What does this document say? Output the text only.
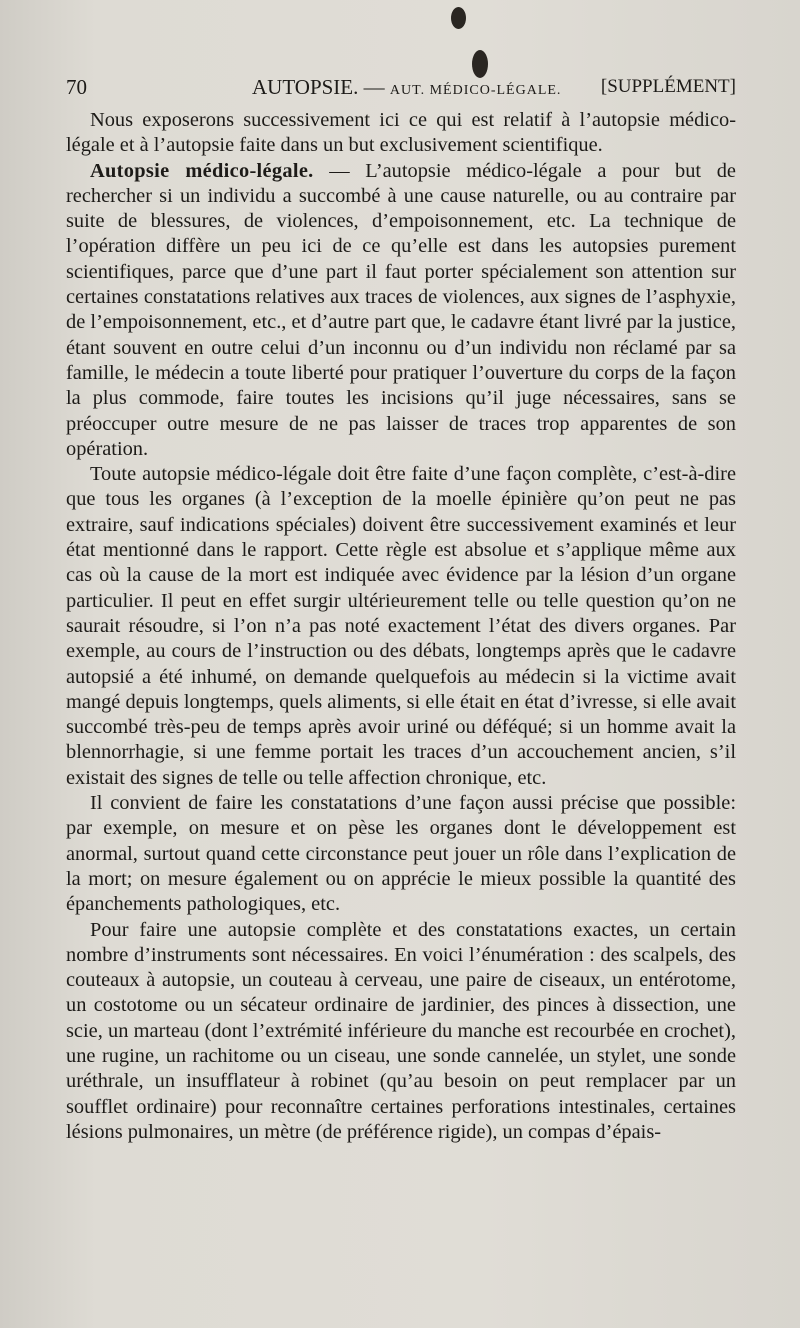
70	AUTOPSIE. — AUT. MÉDICO-LÉGALE. [SUPPLÉMENT]

Nous exposerons successivement ici ce qui est relatif à l’autopsie médico-légale et à l’autopsie faite dans un but exclusivement scientifique.

Autopsie médico-légale. — L’autopsie médico-légale a pour but de rechercher si un individu a succombé à une cause naturelle, ou au contraire par suite de blessures, de violences, d’empoisonnement, etc. La technique de l’opération diffère un peu ici de ce qu’elle est dans les autopsies purement scientifiques, parce que d’une part il faut porter spécialement son attention sur certaines constatations relatives aux traces de violences, aux signes de l’asphyxie, de l’empoisonnement, etc., et d’autre part que, le cadavre étant livré par la justice, étant souvent en outre celui d’un inconnu ou d’un individu non réclamé par sa famille, le médecin a toute liberté pour pratiquer l’ouverture du corps de la façon la plus commode, faire toutes les incisions qu’il juge nécessaires, sans se préoccuper outre mesure de ne pas laisser de traces trop apparentes de son opération.

Toute autopsie médico-légale doit être faite d’une façon complète, c’est-à-dire que tous les organes (à l’exception de la moelle épinière qu’on peut ne pas extraire, sauf indications spéciales) doivent être successivement examinés et leur état mentionné dans le rapport. Cette règle est absolue et s’applique même aux cas où la cause de la mort est indiquée avec évidence par la lésion d’un organe particulier. Il peut en effet surgir ultérieurement telle ou telle question qu’on ne saurait résoudre, si l’on n’a pas noté exactement l’état des divers organes. Par exemple, au cours de l’instruction ou des débats, longtemps après que le cadavre autopsié a été inhumé, on demande quelquefois au médecin si la victime avait mangé depuis longtemps, quels aliments, si elle était en état d’ivresse, si elle avait succombé très-peu de temps après avoir uriné ou déféqué; si un homme avait la blennorrhagie, si une femme portait les traces d’un accouchement ancien, s’il existait des signes de telle ou telle affection chronique, etc.

Il convient de faire les constatations d’une façon aussi précise que possible: par exemple, on mesure et on pèse les organes dont le développement est anormal, surtout quand cette circonstance peut jouer un rôle dans l’explication de la mort; on mesure également ou on apprécie le mieux possible la quantité des épanchements pathologiques, etc.

Pour faire une autopsie complète et des constatations exactes, un certain nombre d’instruments sont nécessaires. En voici l’énumération : des scalpels, des couteaux à autopsie, un couteau à cerveau, une paire de ciseaux, un entérotome, un costotome ou un sécateur ordinaire de jardinier, des pinces à dissection, une scie, un marteau (dont l’extrémité inférieure du manche est recourbée en crochet), une rugine, un rachitome ou un ciseau, une sonde cannelée, un stylet, une sonde uréthrale, un insufflateur à robinet (qu’au besoin on peut remplacer par un soufflet ordinaire) pour reconnaître certaines perforations intestinales, certaines lésions pulmonaires, un mètre (de préférence rigide), un compas d’épais-
